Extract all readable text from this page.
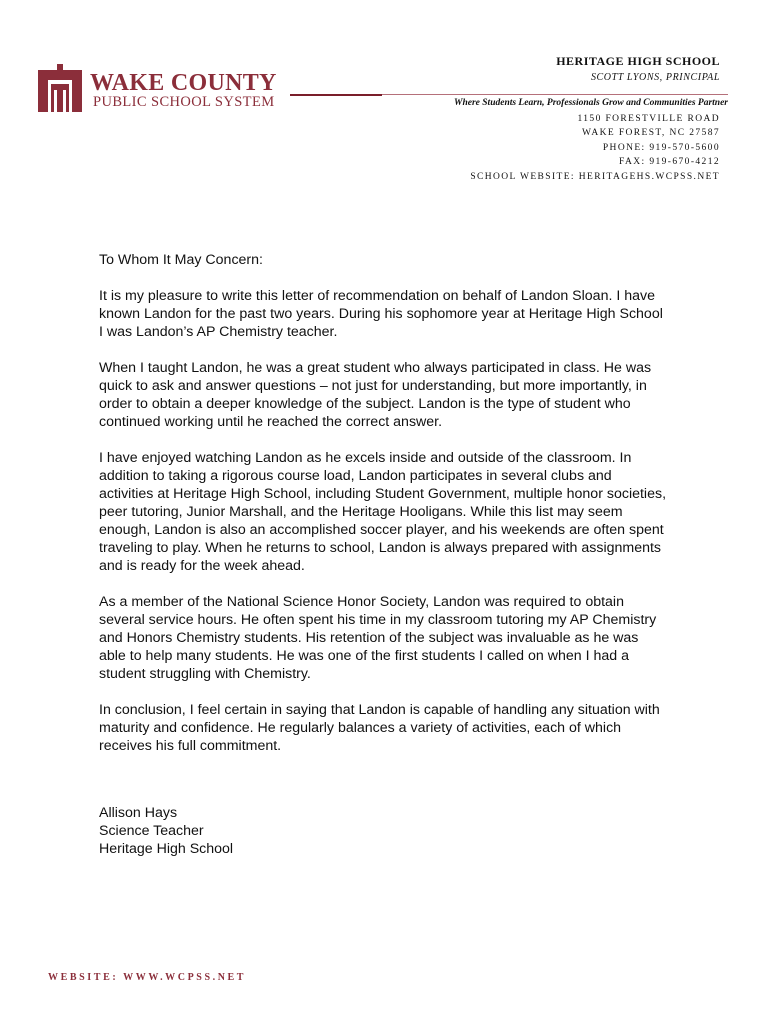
WAKE COUNTY
PUBLIC SCHOOL SYSTEM
HERITAGE HIGH SCHOOL
SCOTT LYONS, PRINCIPAL
Where Students Learn, Professionals Grow and Communities Partner
1150 FORESTVILLE ROAD
WAKE FOREST, NC 27587
PHONE: 919-570-5600
FAX: 919-670-4212
SCHOOL WEBSITE: HERITAGEHS.WCPSS.NET

To Whom It May Concern:

It is my pleasure to write this letter of recommendation on behalf of Landon Sloan. I have known Landon for the past two years. During his sophomore year at Heritage High School I was Landon’s AP Chemistry teacher.

When I taught Landon, he was a great student who always participated in class. He was quick to ask and answer questions – not just for understanding, but more importantly, in order to obtain a deeper knowledge of the subject. Landon is the type of student who continued working until he reached the correct answer.

I have enjoyed watching Landon as he excels inside and outside of the classroom. In addition to taking a rigorous course load, Landon participates in several clubs and activities at Heritage High School, including Student Government, multiple honor societies, peer tutoring, Junior Marshall, and the Heritage Hooligans. While this list may seem enough, Landon is also an accomplished soccer player, and his weekends are often spent traveling to play. When he returns to school, Landon is always prepared with assignments and is ready for the week ahead.

As a member of the National Science Honor Society, Landon was required to obtain several service hours. He often spent his time in my classroom tutoring my AP Chemistry and Honors Chemistry students. His retention of the subject was invaluable as he was able to help many students. He was one of the first students I called on when I had a student struggling with Chemistry.

In conclusion, I feel certain in saying that Landon is capable of handling any situation with maturity and confidence. He regularly balances a variety of activities, each of which receives his full commitment.

Allison Hays
Science Teacher
Heritage High School
WEBSITE: WWW.WCPSS.NET
